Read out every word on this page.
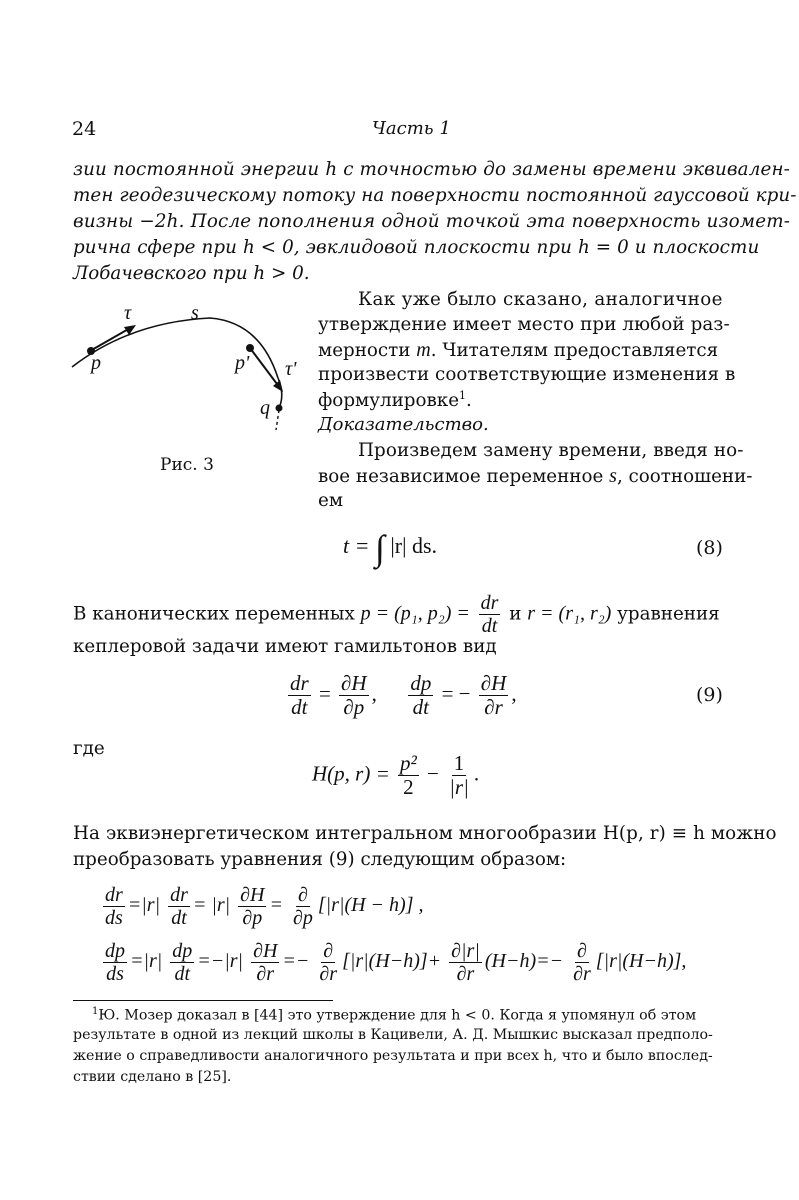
24	Часть 1
зии постоянной энергии h с точностью до замены времени эквивален-
тен геодезическому потоку на поверхности постоянной гауссовой кри-
визны −2h. После пополнения одной точкой эта поверхность изомет-
рична сфере при h < 0, эвклидовой плоскости при h = 0 и плоскости
Лобачевского при h > 0.
τ	s
p	p' τ'
q
Рис. 3
Как уже было сказано, аналогичное
утверждение имеет место при любой раз-
мерности m. Читателям предоставляется
произвести соответствующие изменения в
формулировке$^1$.
Доказательство.
Произведем замену времени, введя но-
вое независимое переменное s, соотношени-
ем
t = ∫ |r| ds.	(8)
В канонических переменных p = (p₁, $p_2) = \frac{dr}{dt}$ и r = (r₁, r₂) уравнения
кеплеровой задачи имеют гамильтонов вид
$\frac{dr}{dt} = \frac{\partial H}{\partial p}$ , $\frac{dp}{dt}$ = − $\frac{\partial H}{\partial r}$ ,	(9)
где
H(p, $r) = \frac{\text{p²}}{2} - \frac{1}{|r|}$ .
На эквиэнергетическом интегральном многообразии H(p, r) ≡ h можно
преобразовать уравнения (9) следующим образом:
$\frac{dr}{ds} =|r| \frac{dr}{dt} = |r| \frac{\partial H}{\partial p} = \frac{\partial}{\partial p} [|r|(H - h)]$ ,
$\frac{dp}{ds} =|r| \frac{dp}{dt} =-|r| \frac{\partial H}{\partial r} =- \frac{\partial}{\partial r} [|r|(H-h)]+ \frac{\partial|r|}{\partial r} (H-h)=- \frac{\partial}{\partial r} [|r|(H-h)]$,
$^1$Ю. Мозер доказал в [44] это утверждение для h < 0. Когда я упомянул об этом
результате в одной из лекций школы в Кацивели, А. Д. Мышкис высказал предполо-
жение о справедливости аналогичного результата и при всех h, что и было впослед-
ствии сделано в [25].
